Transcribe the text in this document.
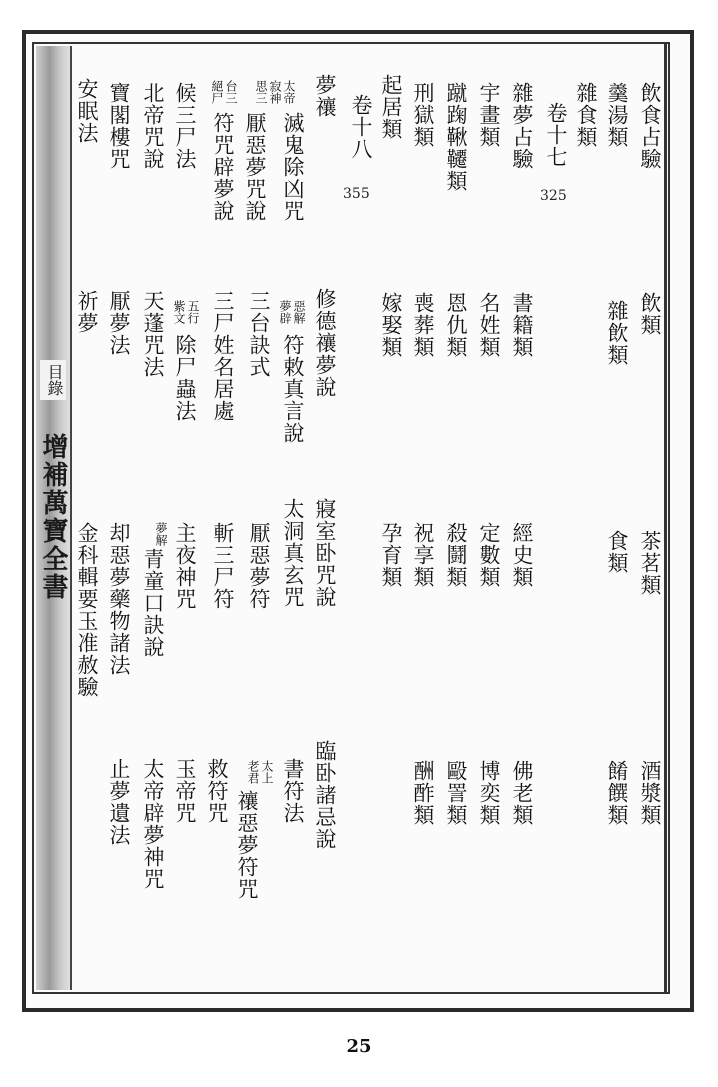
增補萬寶全書
目錄
飲食占驗
飲類
茶茗類
酒漿類
羹湯類
雜飲類
食類
餚饌類
雜食類
卷十七
325
雜夢占驗
書籍類
經史類
佛老類
宇畫類
名姓類
定數類
博奕類
蹴踘鞦韆類
恩仇類
殺鬪類
毆詈類
刑獄類
喪葬類
祝享類
酬酢類
起居類
嫁娶類
孕育類
卷十八
355
夢禳
修德禳夢說
寢室卧咒說
臨卧諸忌說
太帝
寂神
滅鬼除凶咒
惡解
夢辟
符敕真言說
太洞真玄咒
書符法
思三
厭惡夢咒說
三台訣式
厭惡夢符
太上
老君
禳惡夢符咒
台三
絕尸
符咒辟夢說
三尸姓名居處
斬三尸符
救符咒
候三尸法
五行
紫文
除尸蟲法
主夜神咒
玉帝咒
北帝咒說
天蓬咒法
夢解
青童口訣說
太帝辟夢神咒
寶閣樓咒
厭夢法
却惡夢藥物諸法
止夢遺法
安眠法
祈夢
金科輯要玉准赦驗
25
